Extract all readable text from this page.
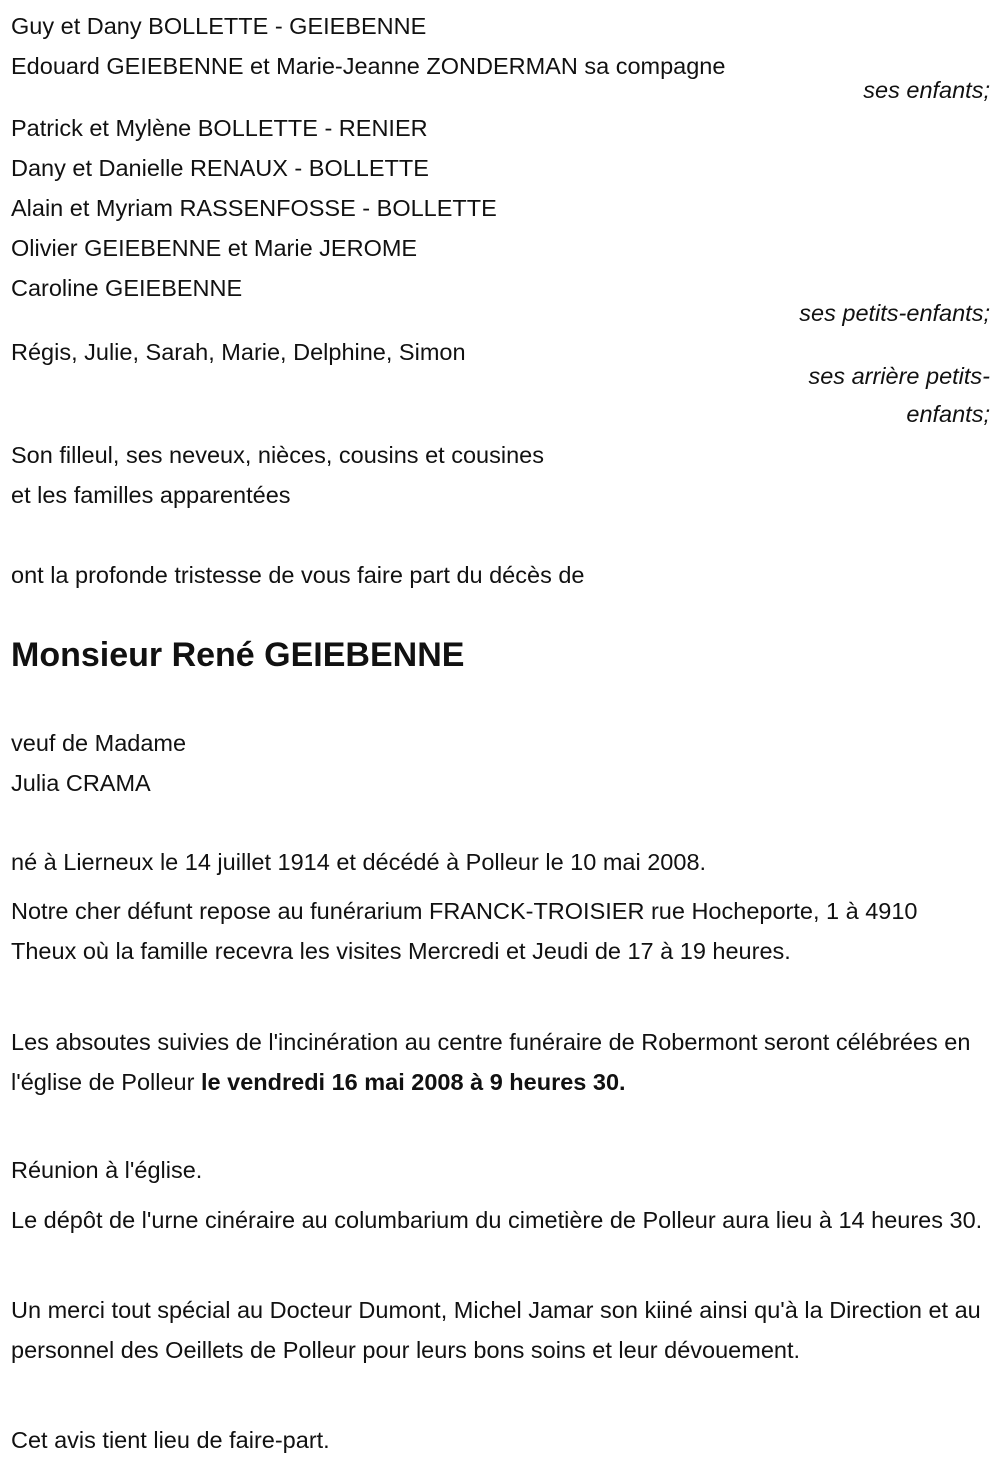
Guy et Dany BOLLETTE - GEIEBENNE
Edouard GEIEBENNE et Marie-Jeanne ZONDERMAN sa compagne
ses enfants;
Patrick et Mylène BOLLETTE - RENIER
Dany et Danielle RENAUX - BOLLETTE
Alain et Myriam RASSENFOSSE - BOLLETTE
Olivier GEIEBENNE et Marie JEROME
Caroline GEIEBENNE
ses petits-enfants;
Régis, Julie, Sarah, Marie, Delphine, Simon
ses arrière petits-
enfants;
Son filleul, ses neveux, nièces, cousins et cousines
et les familles apparentées
ont la profonde tristesse de vous faire part du décès de
Monsieur René GEIEBENNE
veuf de Madame
Julia CRAMA
né à Lierneux le 14 juillet 1914 et décédé à Polleur le 10 mai 2008.
Notre cher défunt repose au funérarium FRANCK-TROISIER rue Hocheporte, 1 à 4910 Theux où la famille recevra les visites Mercredi et Jeudi de 17 à 19 heures.
Les absoutes suivies de l'incinération au centre funéraire de Robermont seront célébrées en l'église de Polleur le vendredi 16 mai 2008 à 9 heures 30.
Réunion à l'église.
Le dépôt de l'urne cinéraire au columbarium du cimetière de Polleur aura lieu à 14 heures 30.
Un merci tout spécial au Docteur Dumont, Michel Jamar son kiiné ainsi qu'à la Direction et au personnel des Oeillets de Polleur pour leurs bons soins et leur dévouement.
Cet avis tient lieu de faire-part.
